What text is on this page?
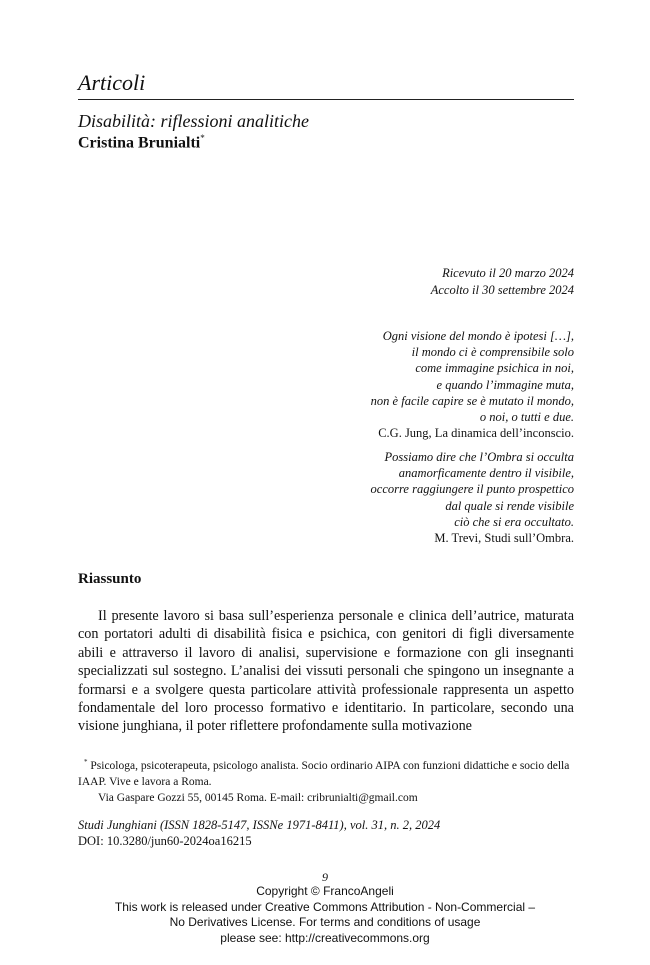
Articoli
Disabilità: riflessioni analitiche
Cristina Brunialti*
Ricevuto il 20 marzo 2024
Accolto il 30 settembre 2024
Ogni visione del mondo è ipotesi […],
il mondo ci è comprensibile solo
come immagine psichica in noi,
e quando l’immagine muta,
non è facile capire se è mutato il mondo,
o noi, o tutti e due.
C.G. Jung, La dinamica dell’inconscio.
Possiamo dire che l’Ombra si occulta
anamorficamente dentro il visibile,
occorre raggiungere il punto prospettico
dal quale si rende visibile
ciò che si era occultato.
M. Trevi, Studi sull’Ombra.
Riassunto

Il presente lavoro si basa sull’esperienza personale e clinica dell’autrice, maturata con portatori adulti di disabilità fisica e psichica, con genitori di figli diversamente abili e attraverso il lavoro di analisi, supervisione e formazione con gli insegnanti specializzati sul sostegno. L’analisi dei vissuti personali che spingono un insegnante a formarsi e a svolgere questa particolare attività professionale rappresenta un aspetto fondamentale del loro processo formativo e identitario. In particolare, secondo una visione junghiana, il poter riflettere profondamente sulla motivazione

* Psicologa, psicoterapeuta, psicologo analista. Socio ordinario AIPA con funzioni didattiche e socio della IAAP. Vive e lavora a Roma.
Via Gaspare Gozzi 55, 00145 Roma. E-mail: cribrunialti@gmail.com
Studi Junghiani (ISSN 1828-5147, ISSNe 1971-8411), vol. 31, n. 2, 2024
DOI: 10.3280/jun60-2024oa16215
9
Copyright © FrancoAngeli
This work is released under Creative Commons Attribution - Non-Commercial –
No Derivatives License. For terms and conditions of usage
please see: http://creativecommons.org
